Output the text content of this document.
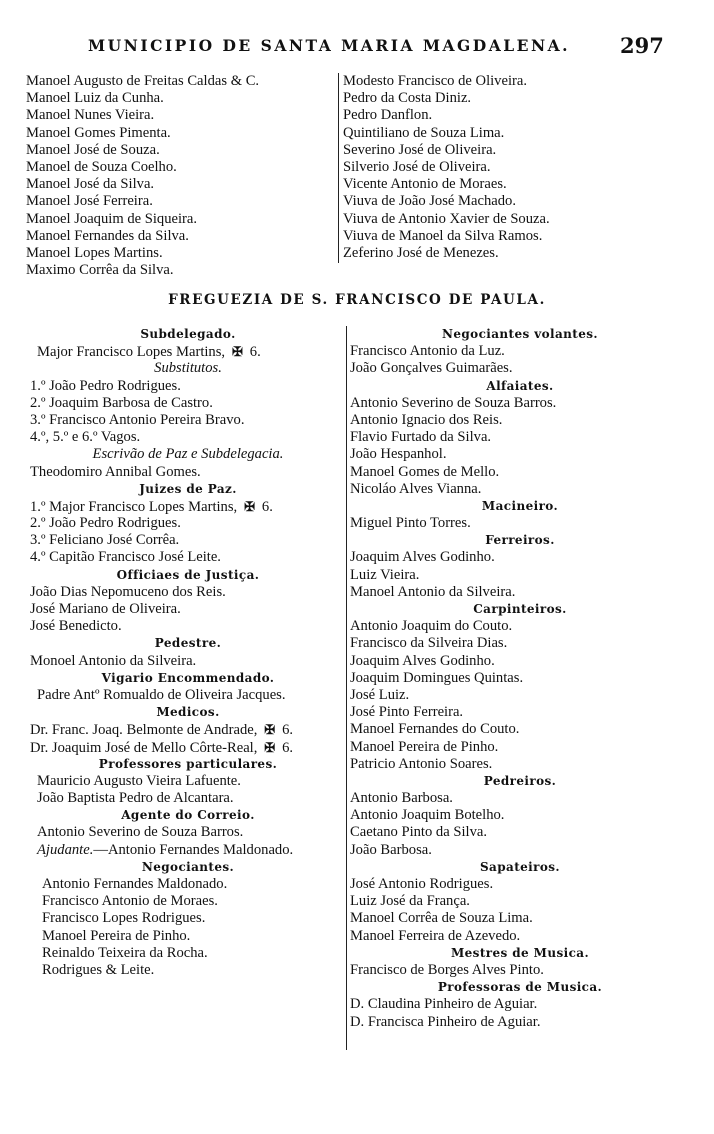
MUNICIPIO DE SANTA MARIA MAGDALENA. 297
Manoel Augusto de Freitas Caldas & C.
Manoel Luiz da Cunha.
Manoel Nunes Vieira.
Manoel Gomes Pimenta.
Manoel José de Souza.
Manoel de Souza Coelho.
Manoel José da Silva.
Manoel José Ferreira.
Manoel Joaquim de Siqueira.
Manoel Fernandes da Silva.
Manoel Lopes Martins.
Maximo Corrêa da Silva.
Modesto Francisco de Oliveira.
Pedro da Costa Diniz.
Pedro Danflon.
Quintiliano de Souza Lima.
Severino José de Oliveira.
Silverio José de Oliveira.
Vicente Antonio de Moraes.
Viuva de João José Machado.
Viuva de Antonio Xavier de Souza.
Viuva de Manoel da Silva Ramos.
Zeferino José de Menezes.
FREGUEZIA DE S. FRANCISCO DE PAULA.
Subdelegado.
Major Francisco Lopes Martins,  ✠  6.
Substitutos.
1.º João Pedro Rodrigues.
2.º Joaquim Barbosa de Castro.
3.º Francisco Antonio Pereira Bravo.
4.º, 5.º e 6.º Vagos.
Escrivão de Paz e Subdelegacia.
Theodomiro Annibal Gomes.
Juizes de Paz.
1.º Major Francisco Lopes Martins,  ✠  6.
2.º João Pedro Rodrigues.
3.º Feliciano José Corrêa.
4.º Capitão Francisco José Leite.
Officiaes de Justiça.
João Dias Nepomuceno dos Reis.
José Mariano de Oliveira.
José Benedicto.
Pedestre.
Monoel Antonio da Silveira.
Vigario Encommendado.
Padre Antº Romualdo de Oliveira Jacques.
Medicos.
Dr. Franc. Joaq. Belmonte de Andrade,  ✠  6.
Dr. Joaquim José de Mello Côrte-Real,  ✠  6.
Professores particulares.
Mauricio Augusto Vieira Lafuente.
João Baptista Pedro de Alcantara.
Agente do Correio.
Antonio Severino de Souza Barros.
Ajudante.—Antonio Fernandes Maldonado.
Negociantes.
Antonio Fernandes Maldonado.
Francisco Antonio de Moraes.
Francisco Lopes Rodrigues.
Manoel Pereira de Pinho.
Reinaldo Teixeira da Rocha.
Rodrigues & Leite.
Negociantes volantes.
Francisco Antonio da Luz.
João Gonçalves Guimarães.
Alfaiates.
Antonio Severino de Souza Barros.
Antonio Ignacio dos Reis.
Flavio Furtado da Silva.
João Hespanhol.
Manoel Gomes de Mello.
Nicoláo Alves Vianna.
Macineiro.
Miguel Pinto Torres.
Ferreiros.
Joaquim Alves Godinho.
Luiz Vieira.
Manoel Antonio da Silveira.
Carpinteiros.
Antonio Joaquim do Couto.
Francisco da Silveira Dias.
Joaquim Alves Godinho.
Joaquim Domingues Quintas.
José Luiz.
José Pinto Ferreira.
Manoel Fernandes do Couto.
Manoel Pereira de Pinho.
Patricio Antonio Soares.
Pedreiros.
Antonio Barbosa.
Antonio Joaquim Botelho.
Caetano Pinto da Silva.
João Barbosa.
Sapateiros.
José Antonio Rodrigues.
Luiz José da França.
Manoel Corrêa de Souza Lima.
Manoel Ferreira de Azevedo.
Mestres de Musica.
Francisco de Borges Alves Pinto.
Professoras de Musica.
D. Claudina Pinheiro de Aguiar.
D. Francisca Pinheiro de Aguiar.
